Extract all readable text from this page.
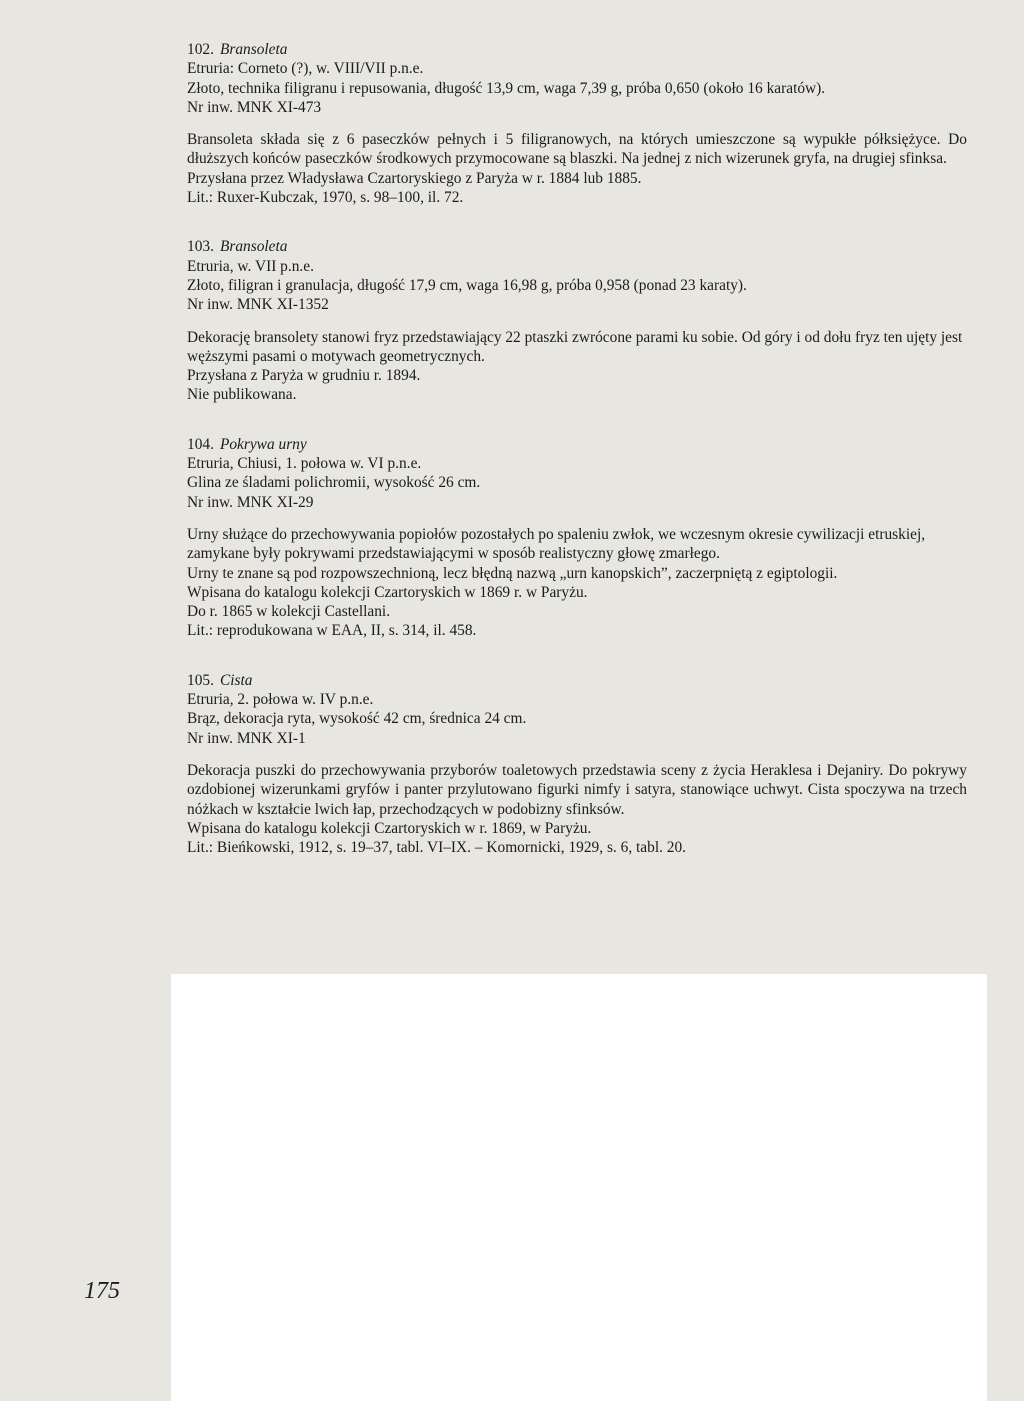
102. Bransoleta

Etruria: Corneto (?), w. VIII/VII p.n.e.

Złoto, technika filigranu i repusowania, długość 13,9 cm, waga 7,39 g, próba 0,650 (około 16 karatów).

Nr inw. MNK XI-473

Bransoleta składa się z 6 paseczków pełnych i 5 filigranowych, na których umieszczone są wypukłe półksiężyce. Do dłuższych końców paseczków środkowych przymocowane są blaszki. Na jednej z nich wizerunek gryfa, na drugiej sfinksa.

Przysłana przez Władysława Czartoryskiego z Paryża w r. 1884 lub 1885.

Lit.: Ruxer-Kubczak, 1970, s. 98–100, il. 72.

103. Bransoleta

Etruria, w. VII p.n.e.

Złoto, filigran i granulacja, długość 17,9 cm, waga 16,98 g, próba 0,958 (ponad 23 karaty).

Nr inw. MNK XI-1352

Dekorację bransolety stanowi fryz przedstawiający 22 ptaszki zwrócone parami ku sobie. Od góry i od dołu fryz ten ujęty jest węższymi pasami o motywach geometrycznych.

Przysłana z Paryża w grudniu r. 1894.

Nie publikowana.

104. Pokrywa urny

Etruria, Chiusi, 1. połowa w. VI p.n.e.

Glina ze śladami polichromii, wysokość 26 cm.

Nr inw. MNK XI-29

Urny służące do przechowywania popiołów pozostałych po spaleniu zwłok, we wczesnym okresie cywilizacji etruskiej, zamykane były pokrywami przedstawiającymi w sposób realistyczny głowę zmarłego.

Urny te znane są pod rozpowszechnioną, lecz błędną nazwą „urn kanopskich”, zaczerpniętą z egiptologii.

Wpisana do katalogu kolekcji Czartoryskich w 1869 r. w Paryżu.

Do r. 1865 w kolekcji Castellani.

Lit.: reprodukowana w EAA, II, s. 314, il. 458.

105. Cista

Etruria, 2. połowa w. IV p.n.e.

Brąz, dekoracja ryta, wysokość 42 cm, średnica 24 cm.

Nr inw. MNK XI-1

Dekoracja puszki do przechowywania przyborów toaletowych przedstawia sceny z życia Heraklesa i Dejaniry. Do pokrywy ozdobionej wizerunkami gryfów i panter przylutowano figurki nimfy i satyra, stanowiące uchwyt. Cista spoczywa na trzech nóżkach w kształcie lwich łap, przechodzących w podobizny sfinksów.

Wpisana do katalogu kolekcji Czartoryskich w r. 1869, w Paryżu.

Lit.: Bieńkowski, 1912, s. 19–37, tabl. VI–IX. – Komornicki, 1929, s. 6, tabl. 20.

175
